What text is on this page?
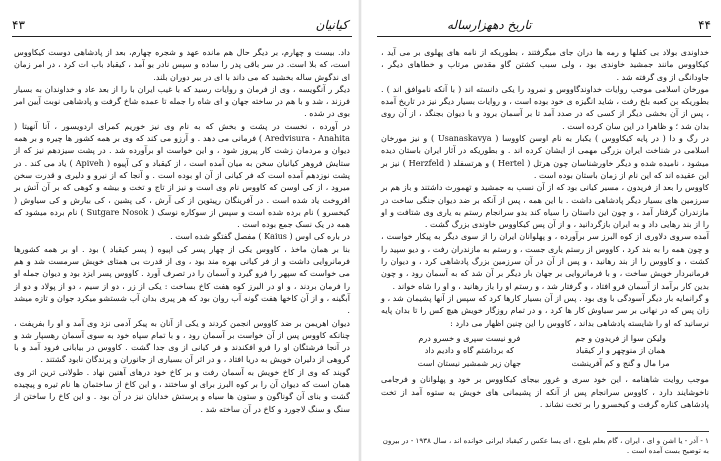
۴۳	کیانیان

داد. بیست و چهارم، بر دیگر حال هم مانده عهد و شجره چهارم، بعد از پادشاهی دوست کیکاووس است، که بلا است. در سر باقی پدر را ساده و سپس نادر بو آمد ، کیقباد باب ات کرد ، در امر زمان ای ندگوش ساله بخشید که می داند با ای در بیر دوران بلند.

دیگر ر آنگویسه ، وی از فرمان و روایات رسید که با غیب ایران با را از بعد عاد و خداوندان به بسیار فرزند ، شد و با هم در ساخته جهان و ای شاه را جمله تا عمده شاخ گرفت و پادشاهی نوبت آیین امر بوی در شده .

در آورده ، نخست در پشت و بخش که به نام وی نیز خوریم کمرای اردویسور ، آنا آنهیتا ( Aredvisura - Anahita ) فرمانی می دهد . و آرزو می کند که وی بر همه کشور ها چیره و بر همه دیوان و مردمان زشت کار پیروز شود ، و این خواست او برآورده شد . در پشت سیزدهم نیز که از ستایش فروهر کیانیان سخن به میان آمده است ، از کیقباد و کی آپیوه ( Apiveh ) یاد می کند . در پشت نوزدهم آمده است که فر کیانی از آن او بوده است . و آنجا که از نیرو و دلیری و قدرت سخن میرود ، از کی اوسن که کاووس نام وی است و نیز از تاج و تخت و بیشه و کوهی که بر آن آتش بر افروخت یاد شده است . در آفرینگان رپیتوین از کی آرش ، کی پشین ، کی بیارش و کی سیاوش ( کیخسرو ) نام برده شده است و سپس از سوکاره نوسک ( Sutgare Nosok ) نام برده میشود که همه در یک نسک جمع بوده است .

در باره کی اوس ( Kaius ) مفصل گفتگو شده است .

بنا بر همان ماخذ ، کاووس یکی از چهار پسر کی اپیوه ( پسر کیقباد ) بود . او بر همه کشورها فرمانروایی داشت و از فر کیانی بهره مند بود ، وی از قدرت بی همتای خویش سرمست شد و هم می خواست که سپهر را فرو گیرد و آسمان را در تصرف آورد . کاووس پسر ایزد بود و دیوان جمله او را فرمان بردند ، و او در البرز کوه هفت کاخ بساخت : یکی از زر ، دو از سیم ، دو از پولاد و دو از آبگینه ، و از آن کاخها هفت گونه آب روان بود که هر پیری بدان آب شستشو میکرد جوان و تازه میشد .

دیوان اهریمن بر ضد کاووس انجمن کردند و یکی از آنان به پیکر آدمی نزد وی آمد و او را بفریفت ، چنانکه کاووس پس از آن خواست بر آسمان رود ، و با تمام سپاه خود به سوی آسمان رهسپار شد و در آنجا فرشتگان او را فرو افکندند و فر کیانی از وی جدا گشت . کاووس در بیابانی فرود آمد و با گروهی از دلیران خویش به دریا افتاد ، و در اثر آن بسیاری از جانوران و پرندگان نابود گشتند .

گویند که وی از کاخ خویش به آسمان رفت و بر کاخ خود درهای آهنین نهاد . طولانی ترین اثر وی همان است که دیوان آن را بر کوه البرز برای او ساختند ، و این کاخ از ساختمان ها نام تیره و پیچیده گشت و بنای آن گوناگون و ستون ها سیاه و پرستش خدایان نیز در آن بود . و این کاخ را ساختن از سنگ و سنگ لاجورد و کاخ در آن ساخته شد .

تاریخ دههزارساله	۴۴

خداوندی بولاد بی کفلها و رمه ها دران جای میگرفتند ، بطوریکه از نامه های پهلوی بر می آید ، کیکاووس مانند جمشید خاوندی بود ، ولی سبب کشتن گاو مقدس مرتاب و خطاهای دیگر ، جاودانگی از وی گرفته شد .

مورخان اسلامی موجب روایات خداوندگاووس و نمرود را یکی دانسته اند ( با آنکه ناموافق اند ) . بطوریکه بن کعبه بلخ رفت ، شاید انگیزه ی خود بوده است ، و روایات بسیار دیگر نیز در تاریخ آمده ، پس از آن بخشی دیگر از کسی که در صدد آمد تا بر آسمان برود و با دیوان بجنگد ، از آن روی بدان شد ؛ و ظاهرا در این سان کرده است .

در رگ و دا ( در پایه کیکاووس ) یکبار به نام اوسن کاووسا ( Usanaskavya ) و نیز مورخان اسلامی در شناخت ایران بزرگی مهمی از ایشان کرده اند . و بطوریکه در آثار ایران باستان دیده میشود ، نامیده شده و دیگر خاورشناسان چون هرتل ( Hertel ) و هرتسفلد ( Herzfeld ) نیز بر این عقیده اند که این نام از زمان باستان بوده است .

کاووس را بعد از فریدون ، مسیر کیانی بود که از آن نسب به جمشید و تهمورث داشتند و باز هم بر سرزمین های بسیار دیگر پادشاهی داشت . با این همه ، پس از آنکه بر ضد دیوان جنگی ساخت در مازندران گرفتار آمد ، و چون این داستان را سیاه کند بدو سرانجام رستم به یاری وی شتافت و او را از بند رهایی داد و به ایران بازگردانید ، و از آن پس کیکاووس خاوندی بزرگ گشت .

آمده سروی دلاوری از کوه البرز سر برآورده ، و پهلوانان ایران را از سوی دیگر به پیکار خواست ، و چون همه را به بند کرد ، کاووس از رستم یاری جست ، و رستم به مازندران رفت ، و دیو سپید را کشت ، و کاووس را از بند رهانید ، و پس از آن در آن سرزمین بزرگ پادشاهی کرد ، و دیوان را فرمانبردار خویش ساخت ، و با فرمانروایی بر جهان بار دیگر بر آن شد که به آسمان رود ، و چون بدین کار برآمد از آسمان فرو افتاد ، و گرفتار شد ، و رستم او را باز رهانید ، و او را شاه خواند .

و گرانمایه بار دیگر آسودگی با وی بود . پس از آن بسیار کارها کرد که سپس از آنها پشیمان شد ، و زان پس که در نهانی بر سر سیاوش کار ها کرد ، و در تمام روزگار خویش هیچ کس را تا بدان پایه نرسانید که او را شایسته پادشاهی بداند ، کاووس را این چنین اظهار می دارد :

ولیکن سوا از فریدون و جم
فرو نیست سپری و خسرو درم
همان از منوچهر و ار کیقباد
که برداشتم گاه و دادیم داد
مرا مال و گنج و کم آفرینشت
جهان زیر شمشیر نیستان است

موجب روایت شاهنامه ، این خود سری و غرور بیجای کیکاووس بر خود و پهلوانان و فرجامی ناخوشایند دارد ، کاووس سرانجام پس از آنکه از پشیمانی های خویش به ستوه آمد از تخت پادشاهی کناره گرفت و کیخسرو را بر تخت نشاند .

۱ - آذر - یا اشن و ای ، ایران ، گام بعلم بلوچ ، ای یسا عکس ر کیقباد ایرانی خوانده اند ، سال ۱۹۳۸ - در بیرون به توضیح بست آمده است .
